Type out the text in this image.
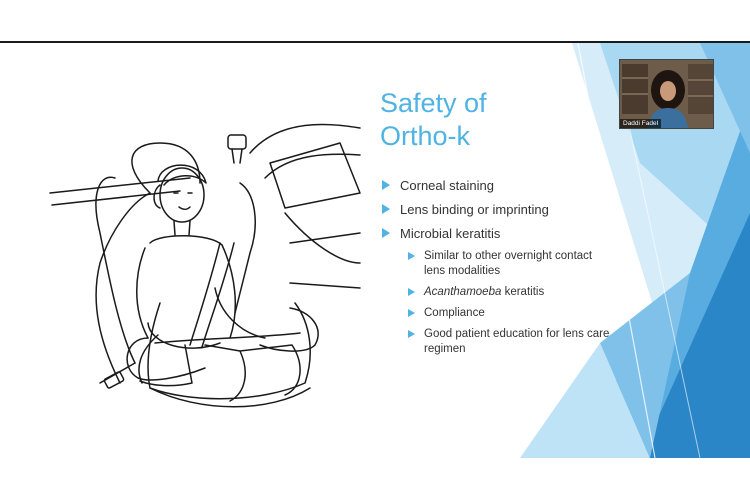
Safety of
Ortho-k
Corneal staining
Lens binding or imprinting
Microbial keratitis
Similar to other overnight contact lens modalities
Acanthamoeba keratitis
Compliance
Good patient education for lens care regimen
Daddi Fadel
